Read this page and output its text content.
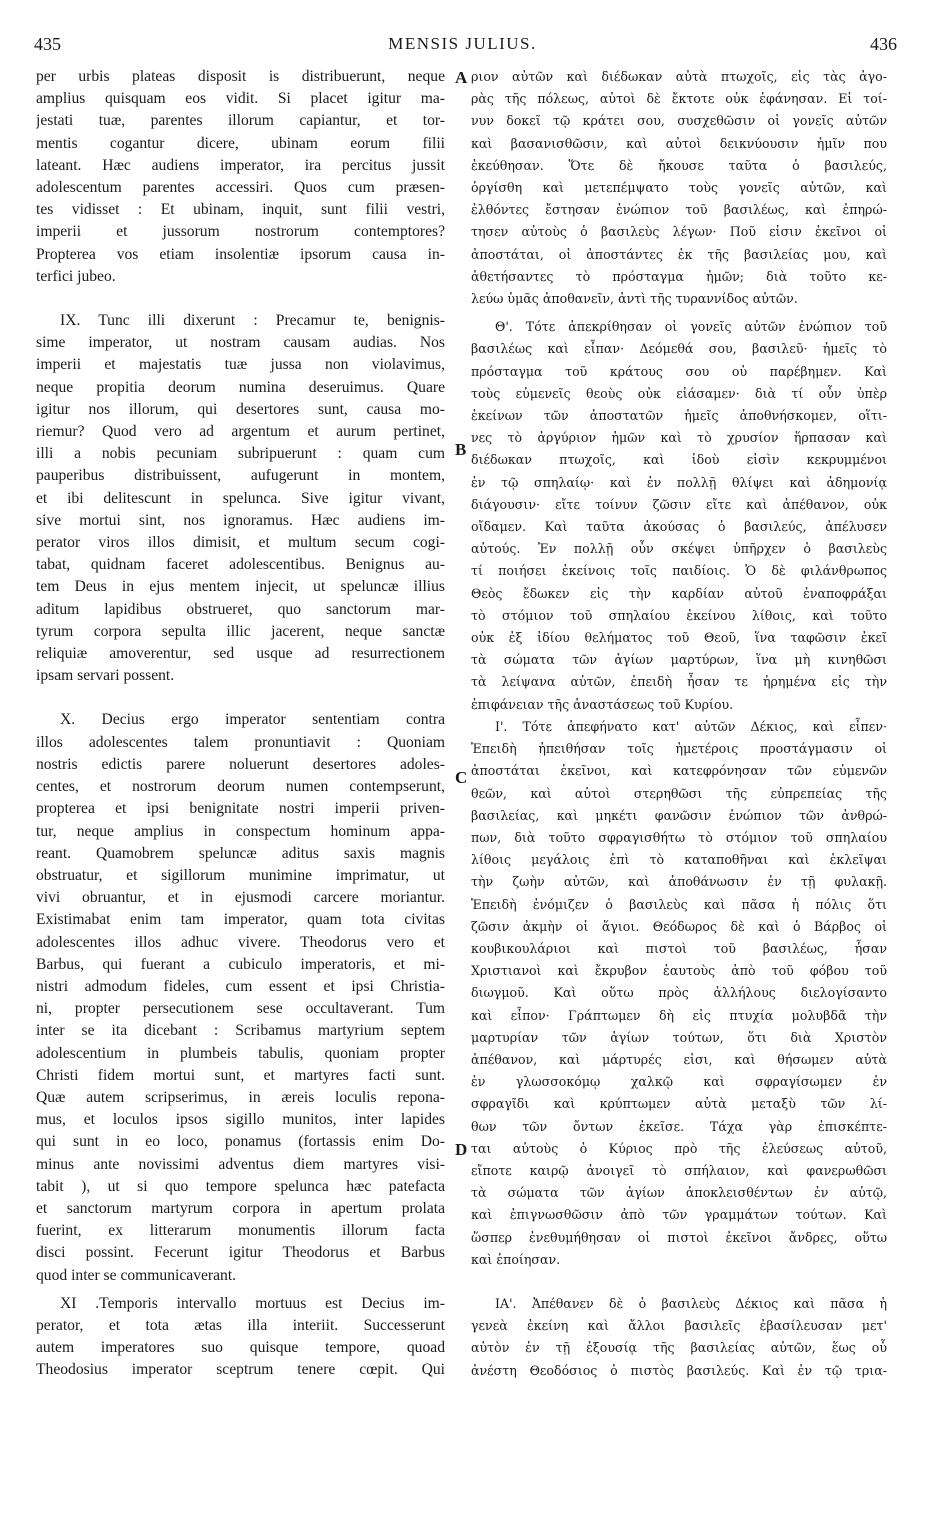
435	MENSIS JULIUS.	436
A
B
C
D
per urbis plateas disposit is distribuerunt, neque
amplius quisquam eos vidit. Si placet igitur ma-
jestati tuæ, parentes illorum capiantur, et tor-
mentis cogantur dicere, ubinam eorum filii
lateant. Hæc audiens imperator, ira percitus jussit
adolescentum parentes accessiri. Quos cum præsen-
tes vidisset : Et ubinam, inquit, sunt filii vestri,
imperii et jussorum nostrorum contemptores?
Propterea vos etiam insolentiæ ipsorum causa in-
terfici jubeo.
IX. Tunc illi dixerunt : Precamur te, benignis-
sime imperator, ut nostram causam audias. Nos
imperii et majestatis tuæ jussa non violavimus,
neque propitia deorum numina deseruimus. Quare
igitur nos illorum, qui desertores sunt, causa mo-
riemur? Quod vero ad argentum et aurum pertinet,
illi a nobis pecuniam subripuerunt : quam cum
pauperibus distribuissent, aufugerunt in montem,
et ibi delitescunt in spelunca. Sive igitur vivant,
sive mortui sint, nos ignoramus. Hæc audiens im-
perator viros illos dimisit, et multum secum cogi-
tabat, quidnam faceret adolescentibus. Benignus au-
tem Deus in ejus mentem injecit, ut speluncæ illius
aditum lapidibus obstrueret, quo sanctorum mar-
tyrum corpora sepulta illic jacerent, neque sanctæ
reliquiæ amoverentur, sed usque ad resurrectionem
ipsam servari possent.
X. Decius ergo imperator sententiam contra
illos adolescentes talem pronuntiavit : Quoniam
nostris edictis parere noluerunt desertores adoles-
centes, et nostrorum deorum numen contempserunt,
propterea et ipsi benignitate nostri imperii priven-
tur, neque amplius in conspectum hominum appa-
reant. Quamobrem speluncæ aditus saxis magnis
obstruatur, et sigillorum munimine imprimatur, ut
vivi obruantur, et in ejusmodi carcere moriantur.
Existimabat enim tam imperator, quam tota civitas
adolescentes illos adhuc vivere. Theodorus vero et
Barbus, qui fuerant a cubiculo imperatoris, et mi-
nistri admodum fideles, cum essent et ipsi Christia-
ni, propter persecutionem sese occultaverant. Tum
inter se ita dicebant : Scribamus martyrium septem
adolescentium in plumbeis tabulis, quoniam propter
Christi fidem mortui sunt, et martyres facti sunt.
Quæ autem scripserimus, in æreis loculis repona-
mus, et loculos ipsos sigillo munitos, inter lapides
qui sunt in eo loco, ponamus (fortassis enim Do-
minus ante novissimi adventus diem martyres visi-
tabit ), ut si quo tempore spelunca hæc patefacta
et sanctorum martyrum corpora in apertum prolata
fuerint, ex litterarum monumentis illorum facta
disci possint. Fecerunt igitur Theodorus et Barbus
quod inter se communicaverant.
XI .Temporis intervallo mortuus est Decius im-
perator, et tota ætas illa interiit. Successerunt
autem imperatores suo quisque tempore, quoad
Theodosius imperator sceptrum tenere cœpit. Qui
ριον αὐτῶν καὶ διέδωκαν αὐτὰ πτωχοῖς, εἰς τὰς ἀγο-
ρὰς τῆς πόλεως, αὐτοὶ δὲ ἔκτοτε οὐκ ἐφάνησαν. Εἰ τοί-
νυν δοκεῖ τῷ κράτει σου, συσχεθῶσιν οἱ γονεῖς αὐτῶν
καὶ βασανισθῶσιν, καὶ αὐτοὶ δεικνύουσιν ἡμῖν που
ἐκεύθησαν. Ὅτε δὲ ἤκουσε ταῦτα ὁ βασιλεύς,
ὀργίσθη καὶ μετεπέμψατο τοὺς γονεῖς αὐτῶν, καὶ
ἐλθόντες ἔστησαν ἐνώπιον τοῦ βασιλέως, καὶ ἐπηρώ-
τησεν αὐτοὺς ὁ βασιλεὺς λέγων· Ποῦ εἰσιν ἐκεῖνοι οἱ
ἀποστάται, οἱ ἀποστάντες ἐκ τῆς βασιλείας μου, καὶ
ἀθετήσαντες τὸ πρόσταγμα ἡμῶν; διὰ τοῦτο κε-
λεύω ὑμᾶς ἀποθανεῖν, ἀντὶ τῆς τυραννίδος αὐτῶν.
Θ'. Τότε ἀπεκρίθησαν οἱ γονεῖς αὐτῶν ἐνώπιον τοῦ
βασιλέως καὶ εἶπαν· Δεόμεθά σου, βασιλεῦ· ἡμεῖς τὸ
πρόσταγμα τοῦ κράτους σου οὐ παρέβημεν. Καὶ
τοὺς εὐμενεῖς θεοὺς οὐκ εἰάσαμεν· διὰ τί οὖν ὑπὲρ
ἐκείνων τῶν ἀποστατῶν ἡμεῖς ἀποθνήσκομεν, οἵτι-
νες τὸ ἀργύριον ἡμῶν καὶ τὸ χρυσίον ἥρπασαν καὶ
διέδωκαν πτωχοῖς, καὶ ἰδοὺ εἰσὶν κεκρυμμένοι
ἐν τῷ σπηλαίῳ· καὶ ἐν πολλῇ θλίψει καὶ ἀδημονίᾳ
διάγουσιν· εἴτε τοίνυν ζῶσιν εἴτε καὶ ἀπέθανον, οὐκ
οἴδαμεν. Καὶ ταῦτα ἀκούσας ὁ βασιλεύς, ἀπέλυσεν
αὐτούς. Ἐν πολλῇ οὖν σκέψει ὑπῆρχεν ὁ βασιλεὺς
τί ποιήσει ἐκείνοις τοῖς παιδίοις. Ὁ δὲ φιλάνθρωπος
Θεὸς ἔδωκεν εἰς τὴν καρδίαν αὐτοῦ ἐναποφράξαι
τὸ στόμιον τοῦ σπηλαίου ἐκείνου λίθοις, καὶ τοῦτο
οὐκ ἐξ ἰδίου θελήματος τοῦ Θεοῦ, ἵνα ταφῶσιν ἐκεῖ
τὰ σώματα τῶν ἁγίων μαρτύρων, ἵνα μὴ κινηθῶσι
τὰ λείψανα αὐτῶν, ἐπειδὴ ἦσαν τε ἠρημένα εἰς τὴν
ἐπιφάνειαν τῆς ἀναστάσεως τοῦ Κυρίου.
Ι'. Τότε ἀπεφήνατο κατ' αὐτῶν Δέκιος, καὶ εἶπεν·
Ἐπειδὴ ἠπειθήσαν τοῖς ἡμετέροις προστάγμασιν οἱ
ἀποστάται ἐκεῖνοι, καὶ κατεφρόνησαν τῶν εὐμενῶν
θεῶν, καὶ αὐτοὶ στερηθῶσι τῆς εὐπρεπείας τῆς
βασιλείας, καὶ μηκέτι φανῶσιν ἐνώπιον τῶν ἀνθρώ-
πων, διὰ τοῦτο σφραγισθήτω τὸ στόμιον τοῦ σπηλαίου
λίθοις μεγάλοις ἐπὶ τὸ καταποθῆναι καὶ ἐκλεῖψαι
τὴν ζωὴν αὐτῶν, καὶ ἀποθάνωσιν ἐν τῇ φυλακῇ.
Ἐπειδὴ ἐνόμιζεν ὁ βασιλεὺς καὶ πᾶσα ἡ πόλις ὅτι
ζῶσιν ἀκμὴν οἱ ἅγιοι. Θεόδωρος δὲ καὶ ὁ Βάρβος οἱ
κουβικουλάριοι καὶ πιστοὶ τοῦ βασιλέως, ἦσαν
Χριστιανοὶ καὶ ἔκρυβον ἑαυτοὺς ἀπὸ τοῦ φόβου τοῦ
διωγμοῦ. Καὶ οὕτω πρὸς ἀλλήλους διελογίσαντο
καὶ εἶπον· Γράπτωμεν δὴ εἰς πτυχία μολυβδᾶ τὴν
μαρτυρίαν τῶν ἁγίων τούτων, ὅτι διὰ Χριστὸν
ἀπέθανον, καὶ μάρτυρές εἰσι, καὶ θήσωμεν αὐτὰ
ἐν γλωσσοκόμῳ χαλκῷ καὶ σφραγίσωμεν ἐν
σφραγῖδι καὶ κρύπτωμεν αὐτὰ μεταξὺ τῶν λί-
θων τῶν ὄντων ἐκεῖσε. Τάχα γὰρ ἐπισκέπτε-
ται αὐτοὺς ὁ Κύριος πρὸ τῆς ἐλεύσεως αὐτοῦ,
εἴποτε καιρῷ ἀνοιγεῖ τὸ σπήλαιον, καὶ φανερωθῶσι
τὰ σώματα τῶν ἁγίων ἀποκλεισθέντων ἐν αὐτῷ,
καὶ ἐπιγνωσθῶσιν ἀπὸ τῶν γραμμάτων τούτων. Καὶ
ὥσπερ ἐνεθυμήθησαν οἱ πιστοὶ ἐκεῖνοι ἄνδρες, οὕτω
καὶ ἐποίησαν.
ΙΑ'. Ἀπέθανεν δὲ ὁ βασιλεὺς Δέκιος καὶ πᾶσα ἡ
γενεὰ ἐκείνη καὶ ἄλλοι βασιλεῖς ἐβασίλευσαν μετ'
αὐτὸν ἐν τῇ ἐξουσίᾳ τῆς βασιλείας αὐτῶν, ἕως οὗ
ἀνέστη Θεοδόσιος ὁ πιστὸς βασιλεύς. Καὶ ἐν τῷ τρια-
